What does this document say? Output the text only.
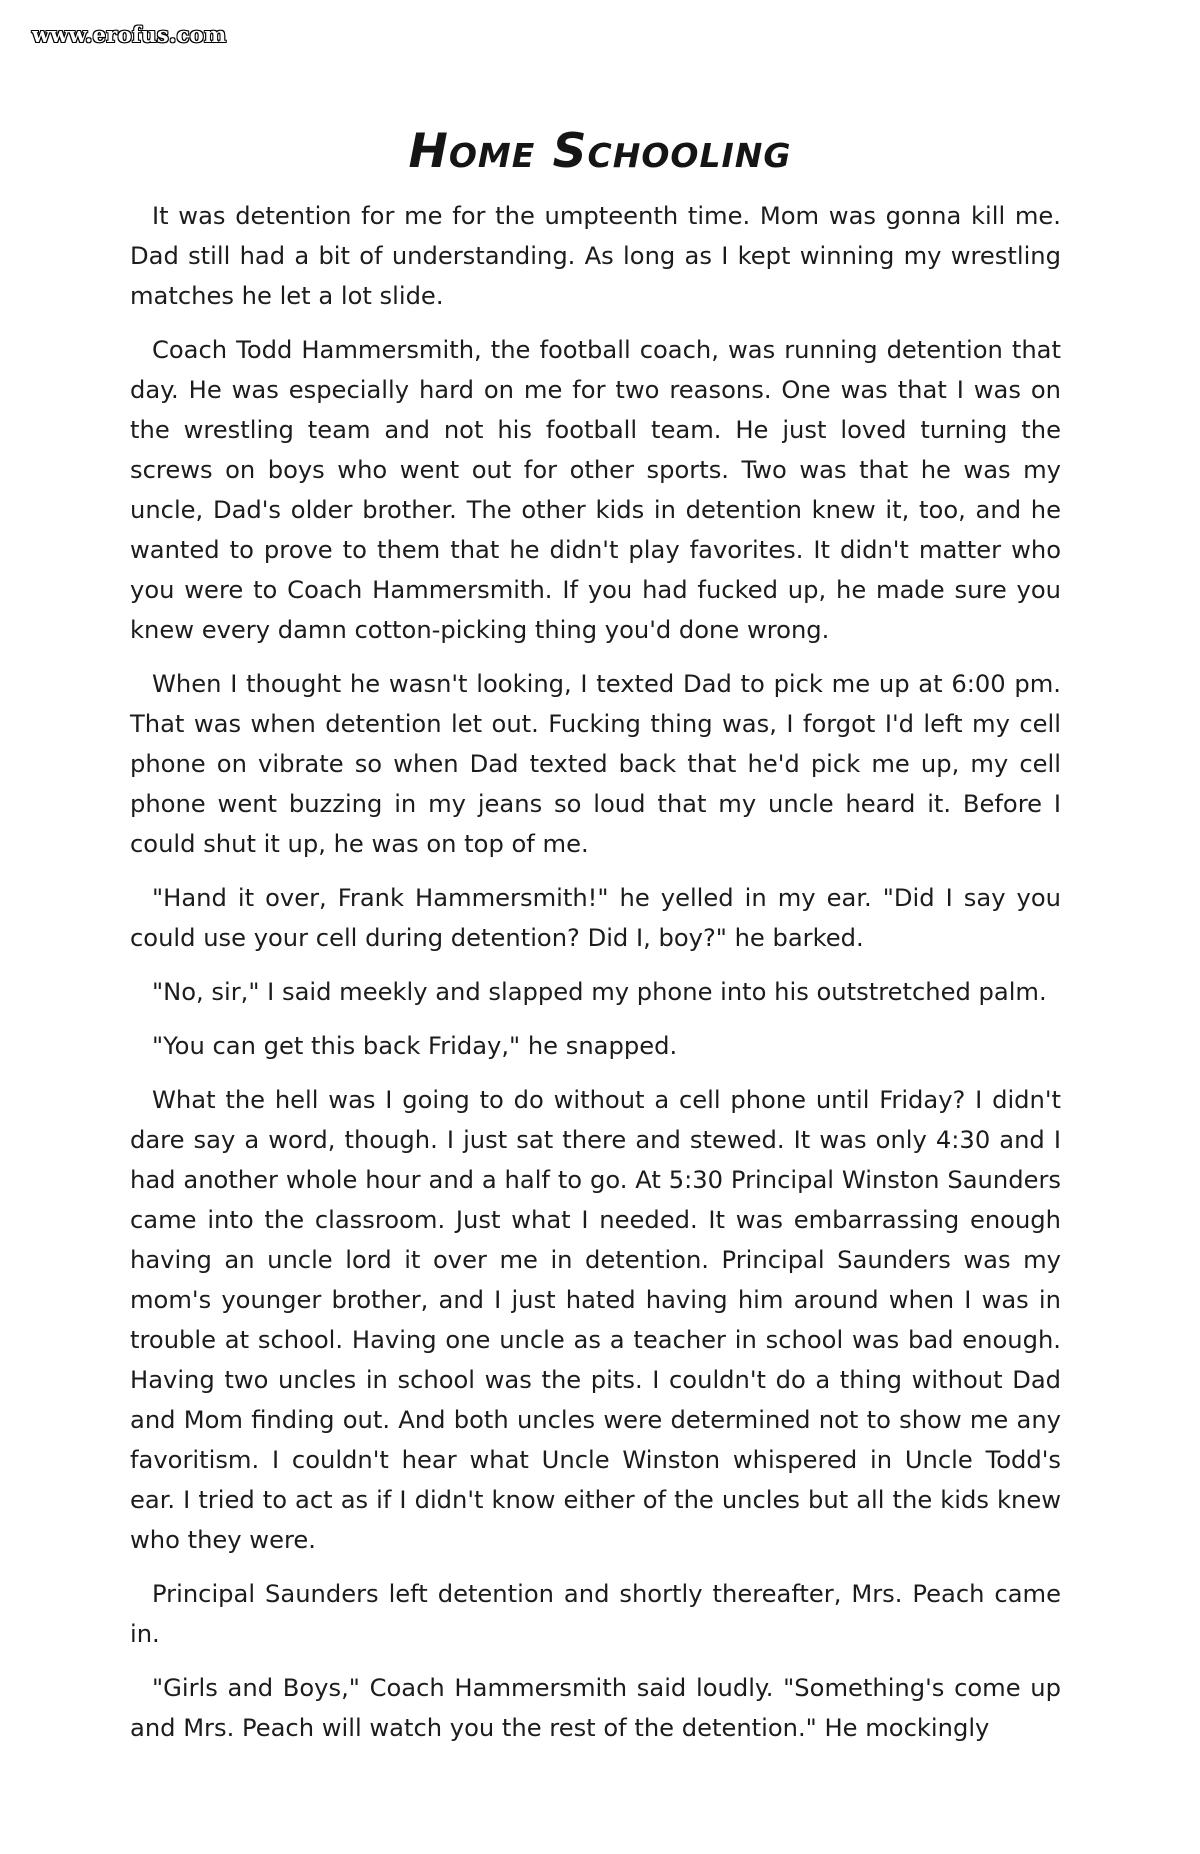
www.erofus.com
Home Schooling

It was detention for me for the umpteenth time. Mom was gonna kill me. Dad still had a bit of understanding. As long as I kept winning my wrestling matches he let a lot slide.

Coach Todd Hammersmith, the football coach, was running detention that day. He was especially hard on me for two reasons. One was that I was on the wrestling team and not his football team. He just loved turning the screws on boys who went out for other sports. Two was that he was my uncle, Dad's older brother. The other kids in detention knew it, too, and he wanted to prove to them that he didn't play favorites. It didn't matter who you were to Coach Hammersmith. If you had fucked up, he made sure you knew every damn cotton-picking thing you'd done wrong.

When I thought he wasn't looking, I texted Dad to pick me up at 6:00 pm. That was when detention let out. Fucking thing was, I forgot I'd left my cell phone on vibrate so when Dad texted back that he'd pick me up, my cell phone went buzzing in my jeans so loud that my uncle heard it. Before I could shut it up, he was on top of me.

"Hand it over, Frank Hammersmith!" he yelled in my ear. "Did I say you could use your cell during detention? Did I, boy?" he barked.

"No, sir," I said meekly and slapped my phone into his outstretched palm.

"You can get this back Friday," he snapped.

What the hell was I going to do without a cell phone until Friday? I didn't dare say a word, though. I just sat there and stewed. It was only 4:30 and I had another whole hour and a half to go. At 5:30 Principal Winston Saunders came into the classroom. Just what I needed. It was embarrassing enough having an uncle lord it over me in detention. Principal Saunders was my mom's younger brother, and I just hated having him around when I was in trouble at school. Having one uncle as a teacher in school was bad enough. Having two uncles in school was the pits. I couldn't do a thing without Dad and Mom finding out. And both uncles were determined not to show me any favoritism. I couldn't hear what Uncle Winston whispered in Uncle Todd's ear. I tried to act as if I didn't know either of the uncles but all the kids knew who they were.

Principal Saunders left detention and shortly thereafter, Mrs. Peach came in.

"Girls and Boys," Coach Hammersmith said loudly. "Something's come up and Mrs. Peach will watch you the rest of the detention." He mockingly
